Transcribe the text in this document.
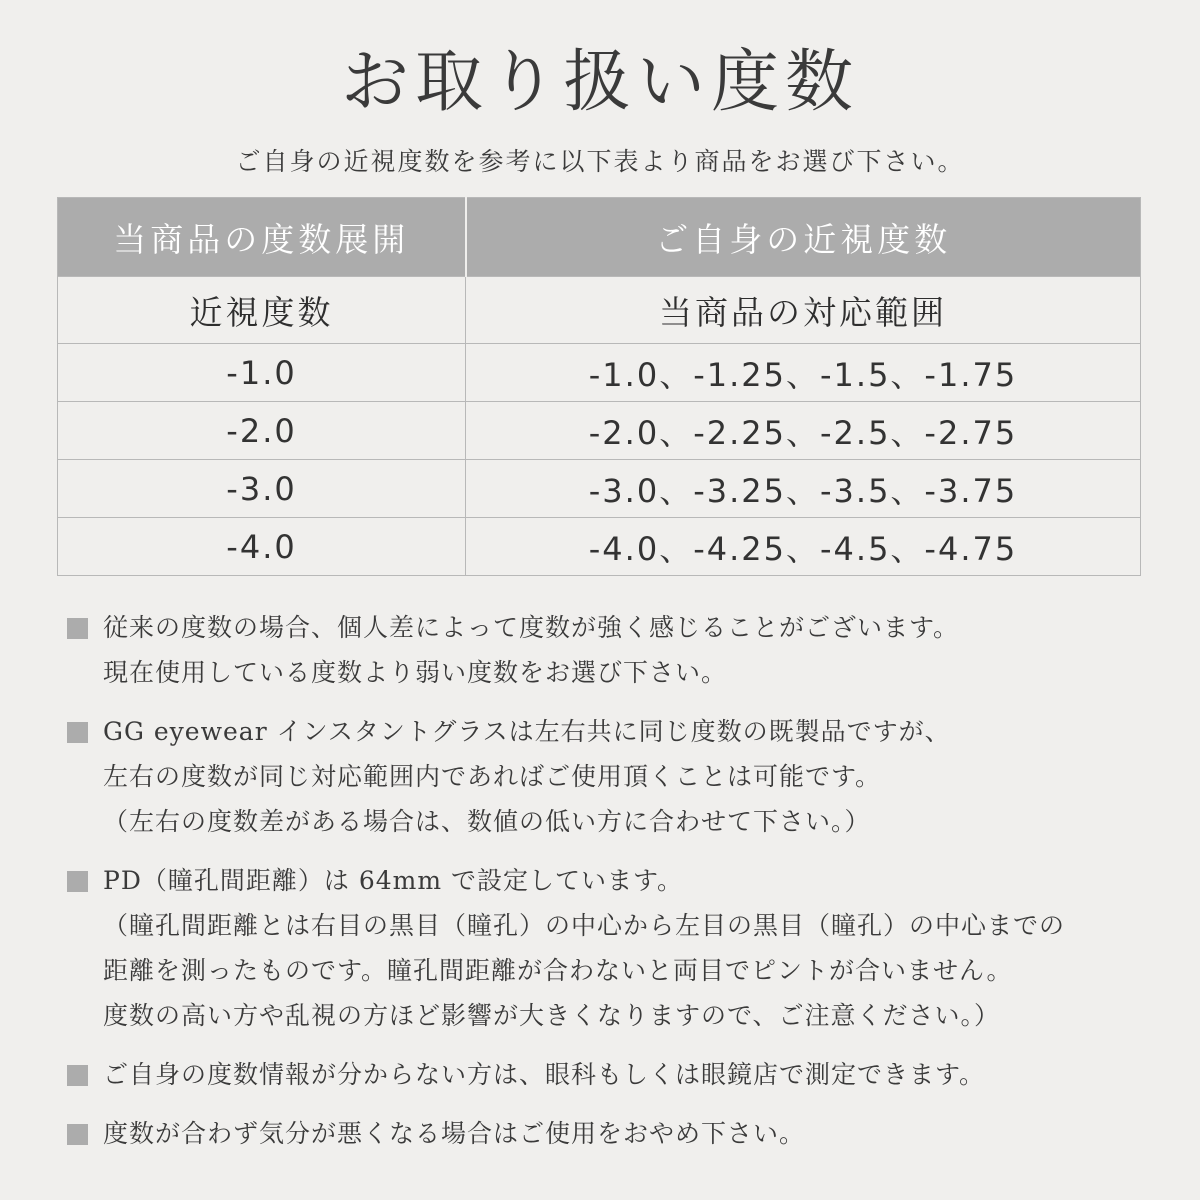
お取り扱い度数
ご自身の近視度数を参考に以下表より商品をお選び下さい。
当商品の度数展開	ご自身の近視度数
近視度数	当商品の対応範囲
-1.0	-1.0、-1.25、-1.5、-1.75
-2.0	-2.0、-2.25、-2.5、-2.75
-3.0	-3.0、-3.25、-3.5、-3.75
-4.0	-4.0、-4.25、-4.5、-4.75
従来の度数の場合、個人差によって度数が強く感じることがございます。
現在使用している度数より弱い度数をお選び下さい。
GG eyewear インスタントグラスは左右共に同じ度数の既製品ですが、
左右の度数が同じ対応範囲内であればご使用頂くことは可能です。
（左右の度数差がある場合は、数値の低い方に合わせて下さい。）
PD（瞳孔間距離）は 64mm で設定しています。
（瞳孔間距離とは右目の黒目（瞳孔）の中心から左目の黒目（瞳孔）の中心までの
距離を測ったものです。瞳孔間距離が合わないと両目でピントが合いません。
度数の高い方や乱視の方ほど影響が大きくなりますので、ご注意ください。）
ご自身の度数情報が分からない方は、眼科もしくは眼鏡店で測定できます。
度数が合わず気分が悪くなる場合はご使用をおやめ下さい。
